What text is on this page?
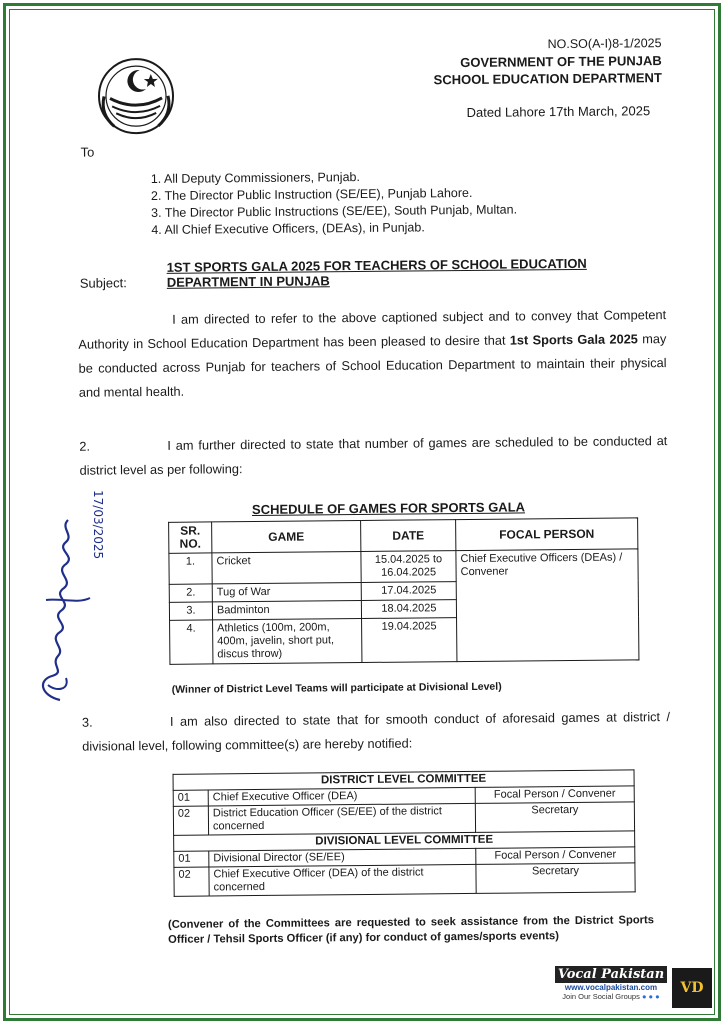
NO.SO(A-I)8-1/2025
GOVERNMENT OF THE PUNJAB
SCHOOL EDUCATION DEPARTMENT
Dated Lahore 17th March, 2025
To
1. All Deputy Commissioners, Punjab.
2. The Director Public Instruction (SE/EE), Punjab Lahore.
3. The Director Public Instructions (SE/EE), South Punjab, Multan.
4. All Chief Executive Officers, (DEAs), in Punjab.
Subject:
1ST SPORTS GALA 2025 FOR TEACHERS OF SCHOOL EDUCATION DEPARTMENT IN PUNJAB
I am directed to refer to the above captioned subject and to convey that Competent Authority in School Education Department has been pleased to desire that 1st Sports Gala 2025 may be conducted across Punjab for teachers of School Education Department to maintain their physical and mental health.
2.	I am further directed to state that number of games are scheduled to be conducted at district level as per following:
SCHEDULE OF GAMES FOR SPORTS GALA
SR. NO.	GAME	DATE	FOCAL PERSON
1.	Cricket	15.04.2025 to 16.04.2025	Chief Executive Officers (DEAs) / Convener
2.	Tug of War	17.04.2025	
3.	Badminton	18.04.2025	
4.	Athletics (100m, 200m, 400m, javelin, short put, discus throw)	19.04.2025	
(Winner of District Level Teams will participate at Divisional Level)
3.	I am also directed to state that for smooth conduct of aforesaid games at district / divisional level, following committee(s) are hereby notified:
DISTRICT LEVEL COMMITTEE		
01	Chief Executive Officer (DEA)	Focal Person / Convener
02	District Education Officer (SE/EE) of the district concerned	Secretary
DIVISIONAL LEVEL COMMITTEE		
01	Divisional Director (SE/EE)	Focal Person / Convener
02	Chief Executive Officer (DEA) of the district concerned	Secretary
(Convener of the Committees are requested to seek assistance from the District Sports Officer / Tehsil Sports Officer (if any) for conduct of games/sports events)
17/03/2025
Vocal Pakistan
www.vocalpakistan.com
Join Our Social Groups ● ● ●
VD
